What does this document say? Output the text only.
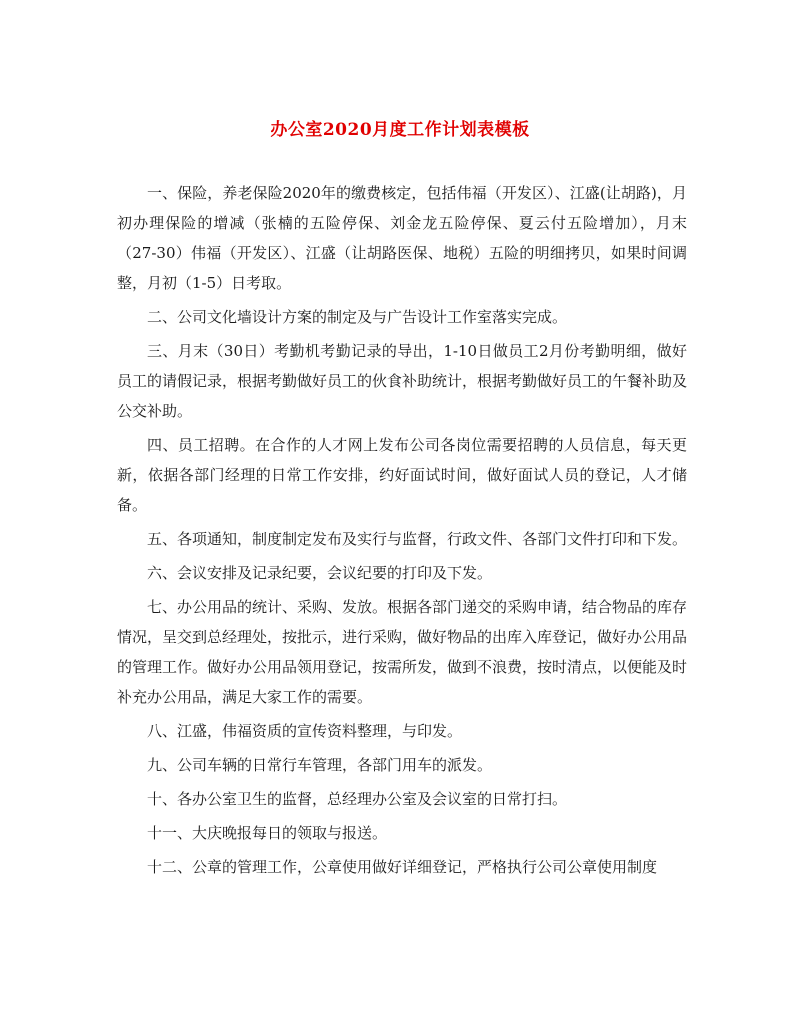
办公室2020月度工作计划表模板

一、保险，养老保险2020年的缴费核定，包括伟福（开发区）、江盛(让胡路)，月初办理保险的增减（张楠的五险停保、刘金龙五险停保、夏云付五险增加），月末（27-30）伟福（开发区）、江盛（让胡路医保、地税）五险的明细拷贝，如果时间调整，月初（1-5）日考取。

二、公司文化墙设计方案的制定及与广告设计工作室落实完成。

三、月末（30日）考勤机考勤记录的导出，1-10日做员工2月份考勤明细，做好员工的请假记录，根据考勤做好员工的伙食补助统计，根据考勤做好员工的午餐补助及公交补助。

四、员工招聘。在合作的人才网上发布公司各岗位需要招聘的人员信息，每天更新，依据各部门经理的日常工作安排，约好面试时间，做好面试人员的登记，人才储备。

五、各项通知，制度制定发布及实行与监督，行政文件、各部门文件打印和下发。

六、会议安排及记录纪要，会议纪要的打印及下发。

七、办公用品的统计、采购、发放。根据各部门递交的采购申请，结合物品的库存情况，呈交到总经理处，按批示，进行采购，做好物品的出库入库登记，做好办公用品的管理工作。做好办公用品领用登记，按需所发，做到不浪费，按时清点，以便能及时补充办公用品，满足大家工作的需要。

八、江盛，伟福资质的宣传资料整理，与印发。

九、公司车辆的日常行车管理，各部门用车的派发。

十、各办公室卫生的监督，总经理办公室及会议室的日常打扫。

十一、大庆晚报每日的领取与报送。

十二、公章的管理工作，公章使用做好详细登记，严格执行公司公章使用制度
